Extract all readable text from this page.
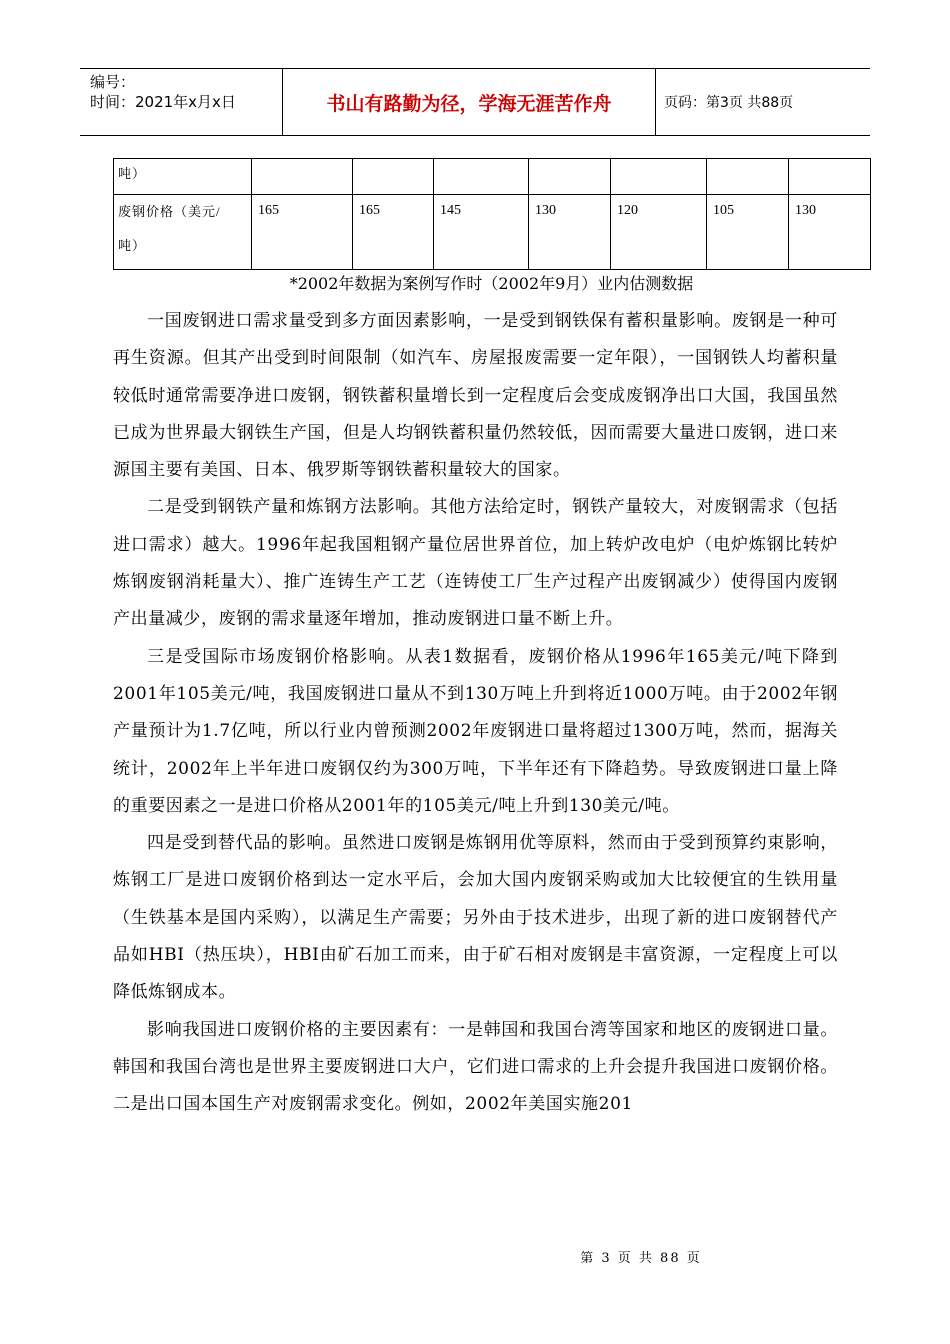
编号：
时间：2021年x月x日	书山有路勤为径，学海无涯苦作舟	页码：第3页 共88页
吨）							

废钢价格（美元/
吨）	165	165	145	130	120	105	130
*2002年数据为案例写作时（2002年9月）业内估测数据

一国废钢进口需求量受到多方面因素影响，一是受到钢铁保有蓄积量影响。废钢是一种可再生资源。但其产出受到时间限制（如汽车、房屋报废需要一定年限），一国钢铁人均蓄积量较低时通常需要净进口废钢，钢铁蓄积量增长到一定程度后会变成废钢净出口大国，我国虽然已成为世界最大钢铁生产国，但是人均钢铁蓄积量仍然较低，因而需要大量进口废钢，进口来源国主要有美国、日本、俄罗斯等钢铁蓄积量较大的国家。

二是受到钢铁产量和炼钢方法影响。其他方法给定时，钢铁产量较大，对废钢需求（包括进口需求）越大。1996年起我国粗钢产量位居世界首位，加上转炉改电炉（电炉炼钢比转炉炼钢废钢消耗量大）、推广连铸生产工艺（连铸使工厂生产过程产出废钢减少）使得国内废钢产出量减少，废钢的需求量逐年增加，推动废钢进口量不断上升。

三是受国际市场废钢价格影响。从表1数据看，废钢价格从1996年165美元/吨下降到2001年105美元/吨，我国废钢进口量从不到130万吨上升到将近1000万吨。由于2002年钢产量预计为1.7亿吨，所以行业内曾预测2002年废钢进口量将超过1300万吨，然而，据海关统计，2002年上半年进口废钢仅约为300万吨，下半年还有下降趋势。导致废钢进口量上降的重要因素之一是进口价格从2001年的105美元/吨上升到130美元/吨。

四是受到替代品的影响。虽然进口废钢是炼钢用优等原料，然而由于受到预算约束影响，炼钢工厂是进口废钢价格到达一定水平后，会加大国内废钢采购或加大比较便宜的生铁用量（生铁基本是国内采购），以满足生产需要；另外由于技术进步，出现了新的进口废钢替代产品如HBI（热压块），HBI由矿石加工而来，由于矿石相对废钢是丰富资源，一定程度上可以降低炼钢成本。

影响我国进口废钢价格的主要因素有：一是韩国和我国台湾等国家和地区的废钢进口量。韩国和我国台湾也是世界主要废钢进口大户，它们进口需求的上升会提升我国进口废钢价格。二是出口国本国生产对废钢需求变化。例如，2002年美国实施201

第 3 页 共 88 页
